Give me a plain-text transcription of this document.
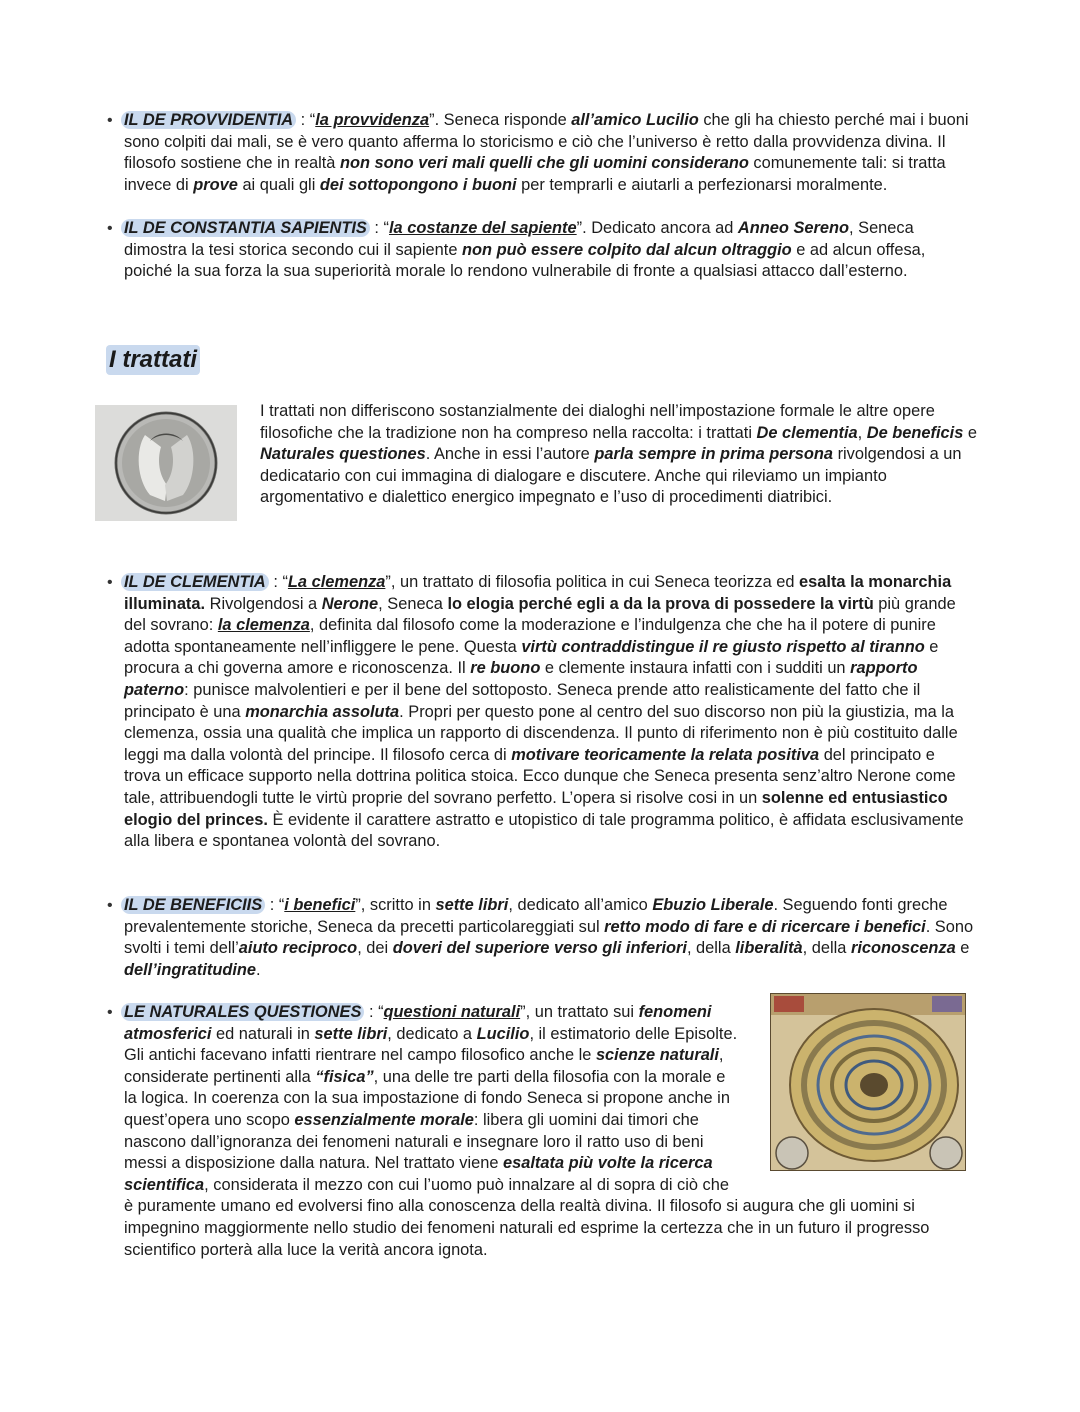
• IL DE PROVVIDENTIA : “la provvidenza”. Seneca risponde all’amico Lucilio che gli ha chiesto perché mai i buoni sono colpiti dai mali, se è vero quanto afferma lo storicismo e ciò che l’universo è retto dalla provvidenza divina. Il filosofo sostiene che in realtà non sono veri mali quelli che gli uomini considerano comunemente tali: si tratta invece di prove ai quali gli dei sottopongono i buoni per temprarli e aiutarli a perfezionarsi moralmente.
• IL DE CONSTANTIA SAPIENTIS : “la costanze del sapiente”. Dedicato ancora ad Anneo Sereno, Seneca dimostra la tesi storica secondo cui il sapiente non può essere colpito dal alcun oltraggio e ad alcun offesa, poiché la sua forza la sua superiorità morale lo rendono vulnerabile di fronte a qualsiasi attacco dall’esterno.
I trattati
I trattati non differiscono sostanzialmente dei dialoghi nell’impostazione formale le altre opere filosofiche che la tradizione non ha compreso nella raccolta: i trattati De clementia, De beneficis e Naturales questiones. Anche in essi l’autore parla sempre in prima persona rivolgendosi a un dedicatario con cui immagina di dialogare e discutere. Anche qui rileviamo un impianto argomentativo e dialettico energico impegnato e l’uso di procedimenti diatribici.
• IL DE CLEMENTIA : “La clemenza”, un trattato di filosofia politica in cui Seneca teorizza ed esalta la monarchia illuminata. Rivolgendosi a Nerone, Seneca lo elogia perché egli a da la prova di possedere la virtù più grande del sovrano: la clemenza, definita dal filosofo come la moderazione e l’indulgenza che che ha il potere di punire adotta spontaneamente nell’infliggere le pene. Questa virtù contraddistingue il re giusto rispetto al tiranno e procura a chi governa amore e riconoscenza. Il re buono e clemente instaura infatti con i sudditi un rapporto paterno: punisce malvolentieri e per il bene del sottoposto. Seneca prende atto realisticamente del fatto che il principato è una monarchia assoluta. Propri per questo pone al centro del suo discorso non più la giustizia, ma la clemenza, ossia una qualità che implica un rapporto di discendenza. Il punto di riferimento non è più costituito dalle leggi ma dalla volontà del principe. Il filosofo cerca di motivare teoricamente la relata positiva del principato e trova un efficace supporto nella dottrina politica stoica. Ecco dunque che Seneca presenta senz’altro Nerone come tale, attribuendogli tutte le virtù proprie del sovrano perfetto. L’opera si risolve cosi in un solenne ed entusiastico elogio del princes. È evidente il carattere astratto e utopistico di tale programma politico, è affidata esclusivamente alla libera e spontanea volontà del sovrano.
• IL DE BENEFICIIS : “i benefici”, scritto in sette libri, dedicato all’amico Ebuzio Liberale. Seguendo fonti greche prevalentemente storiche, Seneca da precetti particolareggiati sul retto modo di fare e di ricercare i benefici. Sono svolti i temi dell’aiuto reciproco, dei doveri del superiore verso gli inferiori, della liberalità, della riconoscenza e dell’ingratitudine.
• LE NATURALES QUESTIONES : “questioni naturali”, un trattato sui fenomeni atmosferici ed naturali in sette libri, dedicato a Lucilio, il estimatorio delle Episolte. Gli antichi facevano infatti rientrare nel campo filosofico anche le scienze naturali, considerate pertinenti alla “fisica”, una delle tre parti della filosofia con la morale e la logica. In coerenza con la sua impostazione di fondo Seneca si propone anche in quest’opera uno scopo essenzialmente morale: libera gli uomini dai timori che nascono dall’ignoranza dei fenomeni naturali e insegnare loro il ratto uso di beni messi a disposizione dalla natura. Nel trattato viene esaltata più volte la ricerca scientifica, considerata il mezzo con cui l’uomo può innalzare al di sopra di ciò che è puramente umano ed evolversi fino alla conoscenza della realtà divina. Il filosofo si augura che gli uomini si impegnino maggiormente nello studio dei fenomeni naturali ed esprime la certezza che in un futuro il progresso scientifico porterà alla luce la verità ancora ignota.
